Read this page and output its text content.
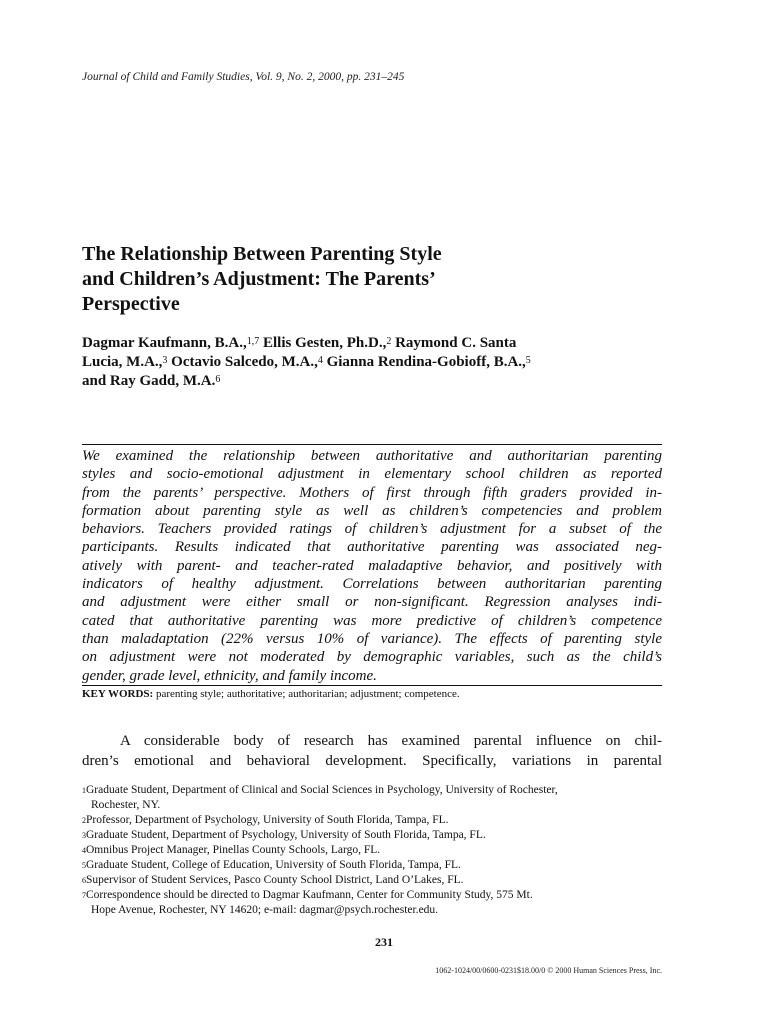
Journal of Child and Family Studies, Vol. 9, No. 2, 2000, pp. 231–245
The Relationship Between Parenting Style
and Children’s Adjustment: The Parents’
Perspective
Dagmar Kaufmann, B.A.,$^{1,7}$ Ellis Gesten, Ph.D.,$^2$ Raymond C. Santa
Lucia, M.A.,$^3$ Octavio Salcedo, M.A.,$^4$ Gianna Rendina-Gobioff, B.A.,$^5$
and Ray Gadd, M.A.$^6$
We examined the relationship between authoritative and authoritarian parenting
styles and socio-emotional adjustment in elementary school children as reported
from the parents’ perspective. Mothers of first through fifth graders provided in-
formation about parenting style as well as children’s competencies and problem
behaviors. Teachers provided ratings of children’s adjustment for a subset of the
participants. Results indicated that authoritative parenting was associated neg-
atively with parent- and teacher-rated maladaptive behavior, and positively with
indicators of healthy adjustment. Correlations between authoritarian parenting
and adjustment were either small or non-significant. Regression analyses indi-
cated that authoritative parenting was more predictive of children’s competence
than maladaptation (22% versus 10% of variance). The effects of parenting style
on adjustment were not moderated by demographic variables, such as the child’s
gender, grade level, ethnicity, and family income.
KEY WORDS: parenting style; authoritative; authoritarian; adjustment; competence.
A considerable body of research has examined parental influence on chil-
dren’s emotional and behavioral development. Specifically, variations in parental
$^1$Graduate Student, Department of Clinical and Social Sciences in Psychology, University of Rochester,
Rochester, NY.
$^2$Professor, Department of Psychology, University of South Florida, Tampa, FL.
$^3$Graduate Student, Department of Psychology, University of South Florida, Tampa, FL.
$^4$Omnibus Project Manager, Pinellas County Schools, Largo, FL.
$^5$Graduate Student, College of Education, University of South Florida, Tampa, FL.
$^6$Supervisor of Student Services, Pasco County School District, Land O’Lakes, FL.
$^7$Correspondence should be directed to Dagmar Kaufmann, Center for Community Study, 575 Mt.
Hope Avenue, Rochester, NY 14620; e-mail: dagmar@psych.rochester.edu.
231
1062-1024/00/0600-0231$18.00/0 © 2000 Human Sciences Press, Inc.
